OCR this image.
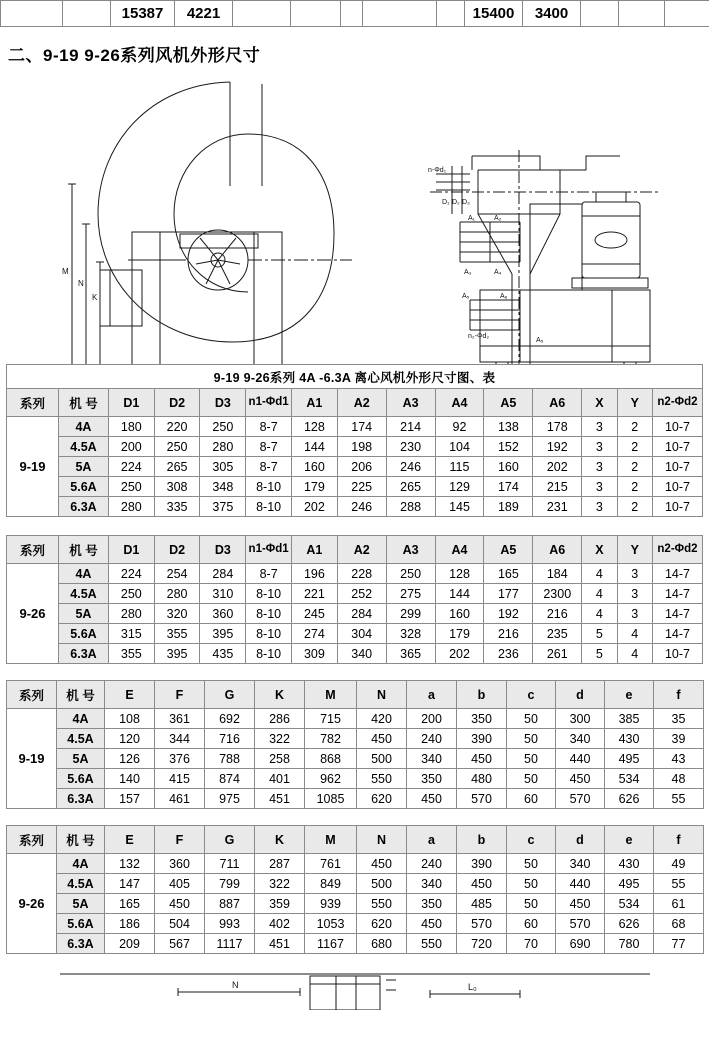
		15387	4221						15400	3400			
二、9-19 9-26系列风机外形尺寸
M
N
K
n-Φd₁
A₁	A₂
A₃	A₄
A₅	A₆
n₂-Φd₂
A₅
D₁ D₂ D₃
9-19 9-26系列 4A -6.3A 离心风机外形尺寸图、表														
系列	机 号	D1	D2	D3	n1-Φd1	A1	A2	A3	A4	A5	A6	X	Y	n2-Φd2
9-19	4A	180	220	250	8-7	128	174	214	92	138	178	3	2	10-7
	4.5A	200	250	280	8-7	144	198	230	104	152	192	3	2	10-7
	5A	224	265	305	8-7	160	206	246	115	160	202	3	2	10-7
	5.6A	250	308	348	8-10	179	225	265	129	174	215	3	2	10-7
	6.3A	280	335	375	8-10	202	246	288	145	189	231	3	2	10-7
系列	机 号	D1	D2	D3	n1-Φd1	A1	A2	A3	A4	A5	A6	X	Y	n2-Φd2
9-26	4A	224	254	284	8-7	196	228	250	128	165	184	4	3	14-7
	4.5A	250	280	310	8-10	221	252	275	144	177	2300	4	3	14-7
	5A	280	320	360	8-10	245	284	299	160	192	216	4	3	14-7
	5.6A	315	355	395	8-10	274	304	328	179	216	235	5	4	14-7
	6.3A	355	395	435	8-10	309	340	365	202	236	261	5	4	10-7
系列	机 号	E	F	G	K	M	N	a	b	c	d	e	f
9-19	4A	108	361	692	286	715	420	200	350	50	300	385	35
	4.5A	120	344	716	322	782	450	240	390	50	340	430	39
	5A	126	376	788	258	868	500	340	450	50	440	495	43
	5.6A	140	415	874	401	962	550	350	480	50	450	534	48
	6.3A	157	461	975	451	1085	620	450	570	60	570	626	55
系列	机 号	E	F	G	K	M	N	a	b	c	d	e	f
9-26	4A	132	360	711	287	761	450	240	390	50	340	430	49
	4.5A	147	405	799	322	849	500	340	450	50	440	495	55
	5A	165	450	887	359	939	550	350	485	50	450	534	61
	5.6A	186	504	993	402	1053	620	450	570	60	570	626	68
	6.3A	209	567	1117	451	1167	680	550	720	70	690	780	77
N	L₀
